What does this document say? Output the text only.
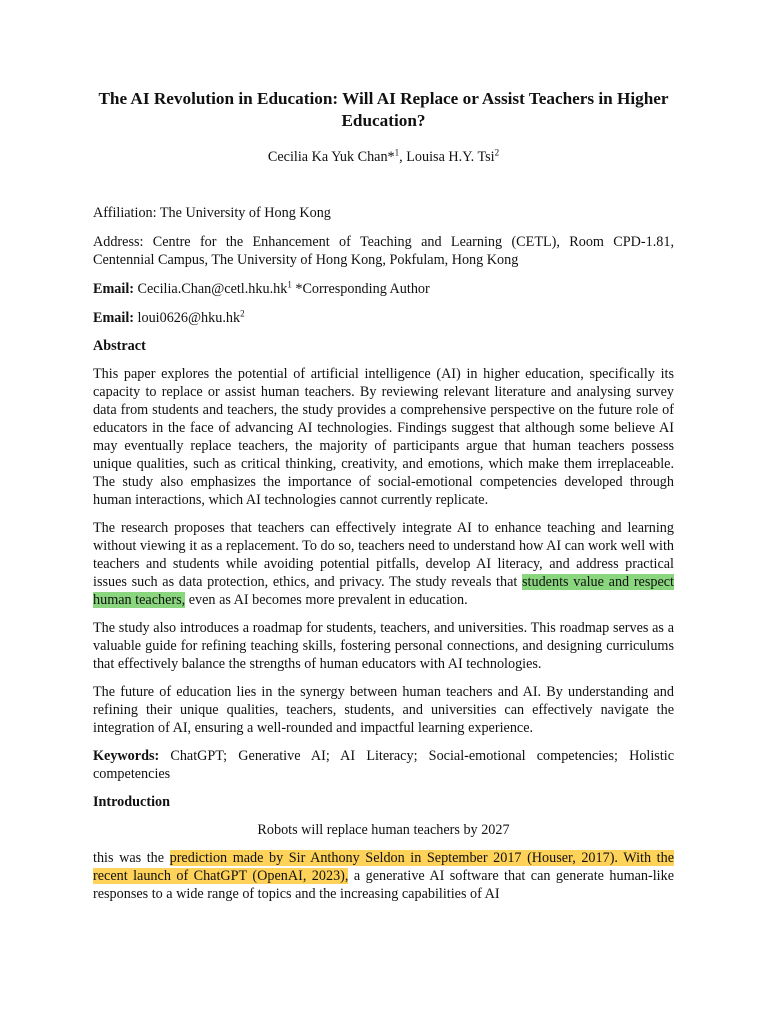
The AI Revolution in Education: Will AI Replace or Assist Teachers in Higher Education?
Cecilia Ka Yuk Chan*$^1$, Louisa H.Y. Tsi$^2$

Affiliation: The University of Hong Kong

Address: Centre for the Enhancement of Teaching and Learning (CETL), Room CPD-1.81, Centennial Campus, The University of Hong Kong, Pokfulam, Hong Kong

Email: $Cecilia.Chan@cetl.hku.hk^1$ *Corresponding Author

Email: $loui0626@hku.hk^2$

Abstract

This paper explores the potential of artificial intelligence (AI) in higher education, specifically its capacity to replace or assist human teachers. By reviewing relevant literature and analysing survey data from students and teachers, the study provides a comprehensive perspective on the future role of educators in the face of advancing AI technologies. Findings suggest that although some believe AI may eventually replace teachers, the majority of participants argue that human teachers possess unique qualities, such as critical thinking, creativity, and emotions, which make them irreplaceable. The study also emphasizes the importance of social-emotional competencies developed through human interactions, which AI technologies cannot currently replicate.

The research proposes that teachers can effectively integrate AI to enhance teaching and learning without viewing it as a replacement. To do so, teachers need to understand how AI can work well with teachers and students while avoiding potential pitfalls, develop AI literacy, and address practical issues such as data protection, ethics, and privacy. The study reveals that students value and respect human teachers, even as AI becomes more prevalent in education.

The study also introduces a roadmap for students, teachers, and universities. This roadmap serves as a valuable guide for refining teaching skills, fostering personal connections, and designing curriculums that effectively balance the strengths of human educators with AI technologies.

The future of education lies in the synergy between human teachers and AI. By understanding and refining their unique qualities, teachers, students, and universities can effectively navigate the integration of AI, ensuring a well-rounded and impactful learning experience.

Keywords: ChatGPT; Generative AI; AI Literacy; Social-emotional competencies; Holistic competencies

Introduction

Robots will replace human teachers by 2027

this was the prediction made by Sir Anthony Seldon in September 2017 (Houser, 2017). With the recent launch of ChatGPT (OpenAI, 2023), a generative AI software that can generate human-like responses to a wide range of topics and the increasing capabilities of AI
